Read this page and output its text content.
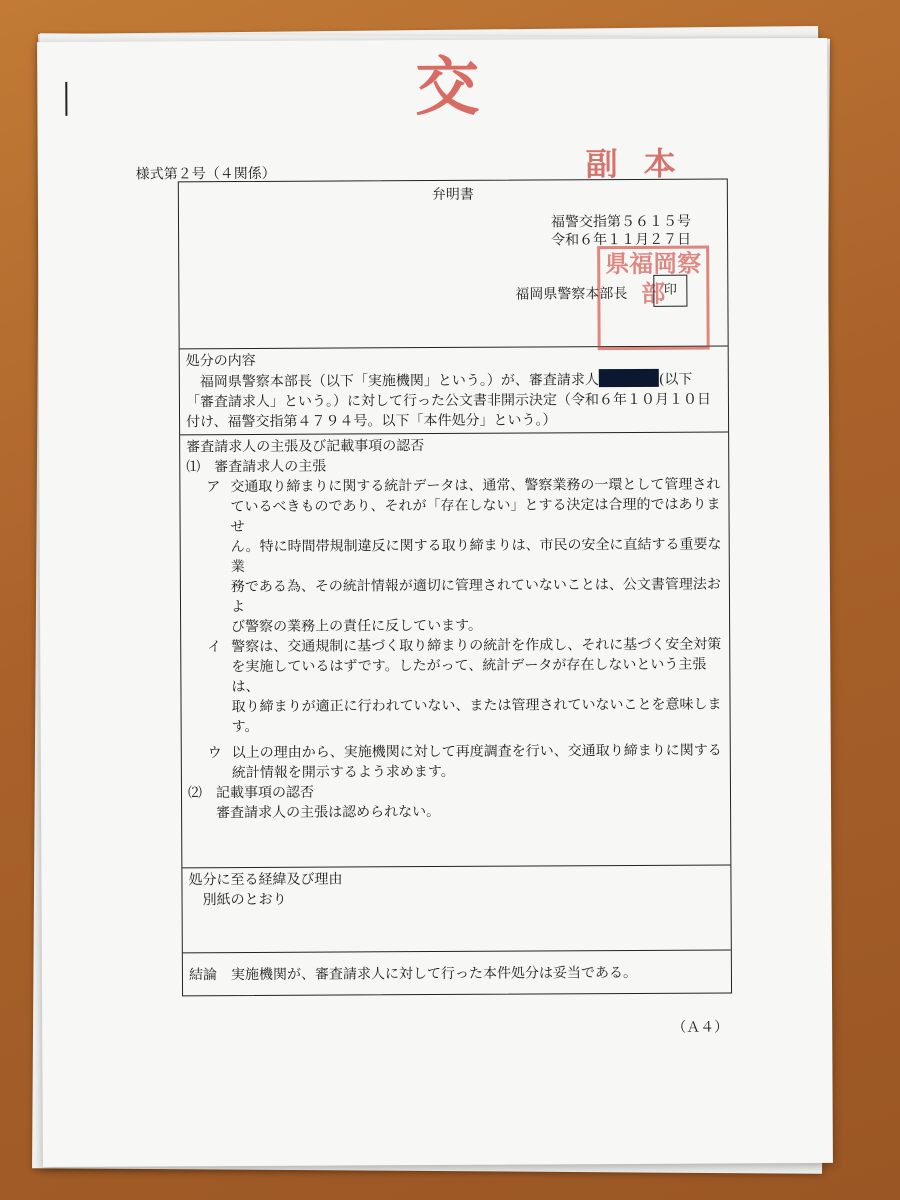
交
副本
様式第２号（４関係）
弁明書
福警交指第５６１５号
令和６年１１月２７日
福岡県警察本部長
県福岡察部
印
処分の内容
福岡県警察本部長（以下「実施機関」という。）が、審査請求人	(以下
「審査請求人」という。）に対して行った公文書非開示決定（令和６年１０月１０日
付け、福警交指第４７９４号。以下「本件処分」という。）
審査請求人の主張及び記載事項の認否
⑴ 審査請求人の主張
ア 交通取り締まりに関する統計データは、通常、警察業務の一環として管理され
ているべきものであり、それが「存在しない」とする決定は合理的ではありませ
ん。特に時間帯規制違反に関する取り締まりは、市民の安全に直結する重要な業
務である為、その統計情報が適切に管理されていないことは、公文書管理法およ
び警察の業務上の責任に反しています。
イ 警察は、交通規制に基づく取り締まりの統計を作成し、それに基づく安全対策
を実施しているはずです。したがって、統計データが存在しないという主張は、
取り締まりが適正に行われていない、または管理されていないことを意味しま
す。
ウ 以上の理由から、実施機関に対して再度調査を行い、交通取り締まりに関する
統計情報を開示するよう求めます。
⑵ 記載事項の認否
審査請求人の主張は認められない。
処分に至る経緯及び理由
別紙のとおり
結論 実施機関が、審査請求人に対して行った本件処分は妥当である。
（Ａ４）
